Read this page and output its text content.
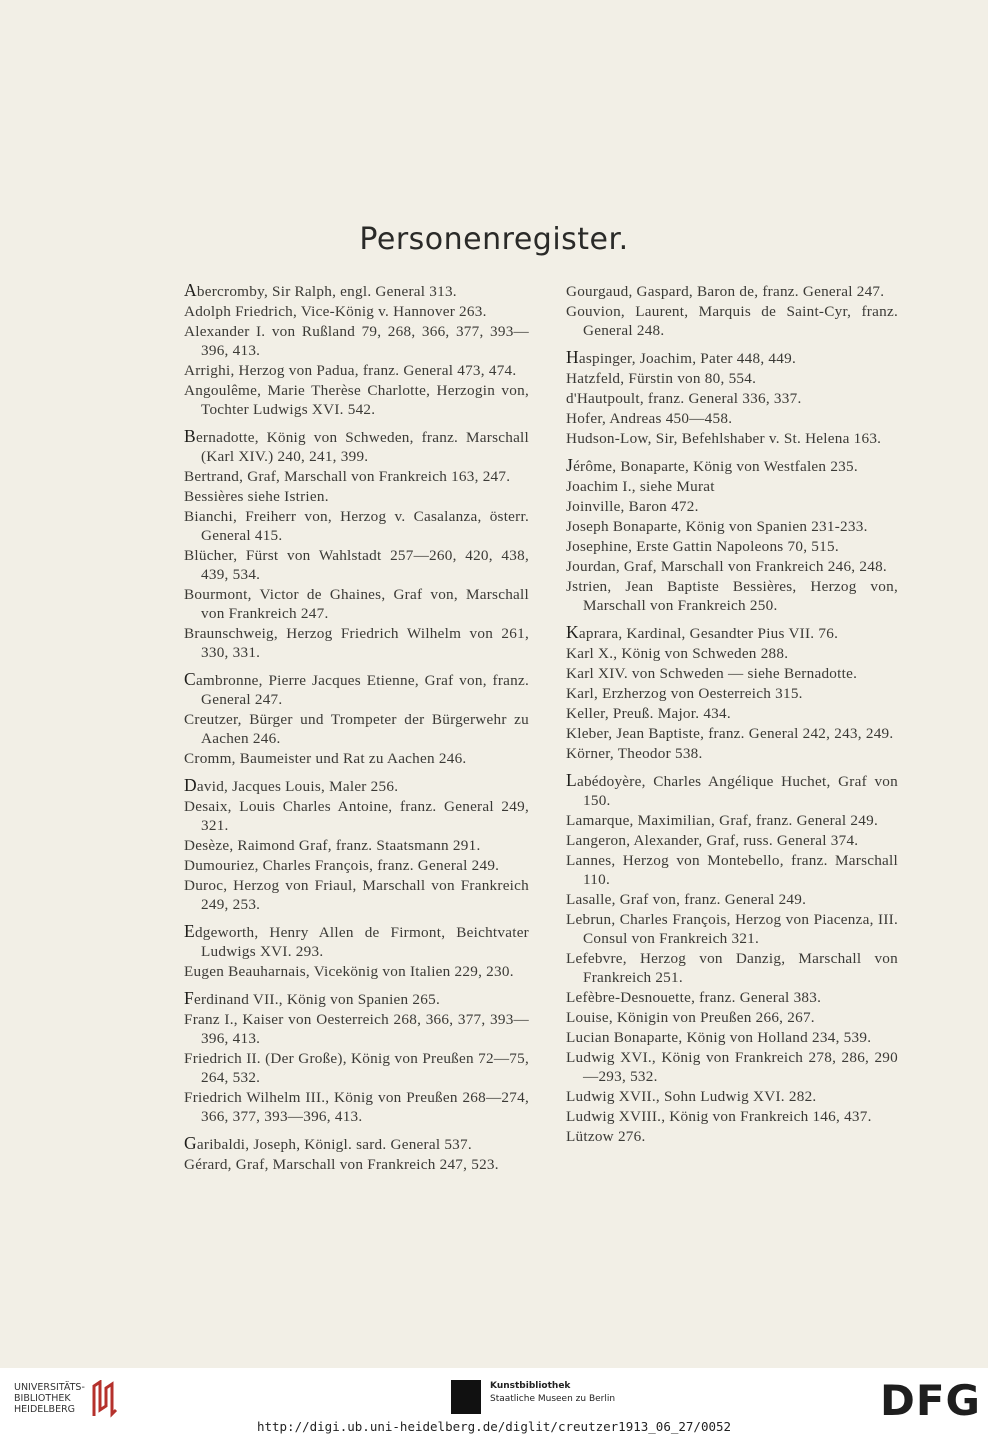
Personenregister.
Abercromby, Sir Ralph, engl. General 313.
Adolph Friedrich, Vice-König v. Hannover 263.
Alexander I. von Rußland 79, 268, 366, 377, 393—396, 413.
Arrighi, Herzog von Padua, franz. General 473, 474.
Angoulême, Marie Therèse Charlotte, Herzogin von, Tochter Ludwigs XVI. 542.
Bernadotte, König von Schweden, franz. Marschall (Karl XIV.) 240, 241, 399.
Bertrand, Graf, Marschall von Frankreich 163, 247.
Bessières siehe Istrien.
Bianchi, Freiherr von, Herzog v. Casalanza, österr. General 415.
Blücher, Fürst von Wahlstadt 257—260, 420, 438, 439, 534.
Bourmont, Victor de Ghaines, Graf von, Marschall von Frankreich 247.
Braunschweig, Herzog Friedrich Wilhelm von 261, 330, 331.
Cambronne, Pierre Jacques Etienne, Graf von, franz. General 247.
Creutzer, Bürger und Trompeter der Bürgerwehr zu Aachen 246.
Cromm, Baumeister und Rat zu Aachen 246.
David, Jacques Louis, Maler 256.
Desaix, Louis Charles Antoine, franz. General 249, 321.
Desèze, Raimond Graf, franz. Staatsmann 291.
Dumouriez, Charles François, franz. General 249.
Duroc, Herzog von Friaul, Marschall von Frankreich 249, 253.
Edgeworth, Henry Allen de Firmont, Beichtvater Ludwigs XVI. 293.
Eugen Beauharnais, Vicekönig von Italien 229, 230.
Ferdinand VII., König von Spanien 265.
Franz I., Kaiser von Oesterreich 268, 366, 377, 393—396, 413.
Friedrich II. (Der Große), König von Preußen 72—75, 264, 532.
Friedrich Wilhelm III., König von Preußen 268—274, 366, 377, 393—396, 413.
Garibaldi, Joseph, Königl. sard. General 537.
Gérard, Graf, Marschall von Frankreich 247, 523.
Gourgaud, Gaspard, Baron de, franz. General 247.
Gouvion, Laurent, Marquis de Saint-Cyr, franz. General 248.
Haspinger, Joachim, Pater 448, 449.
Hatzfeld, Fürstin von 80, 554.
d'Hautpoult, franz. General 336, 337.
Hofer, Andreas 450—458.
Hudson-Low, Sir, Befehlshaber v. St. Helena 163.
Jérôme, Bonaparte, König von Westfalen 235.
Joachim I., siehe Murat
Joinville, Baron 472.
Joseph Bonaparte, König von Spanien 231-233.
Josephine, Erste Gattin Napoleons 70, 515.
Jourdan, Graf, Marschall von Frankreich 246, 248.
Jstrien, Jean Baptiste Bessières, Herzog von, Marschall von Frankreich 250.
Kaprara, Kardinal, Gesandter Pius VII. 76.
Karl X., König von Schweden 288.
Karl XIV. von Schweden — siehe Bernadotte.
Karl, Erzherzog von Oesterreich 315.
Keller, Preuß. Major. 434.
Kleber, Jean Baptiste, franz. General 242, 243, 249.
Körner, Theodor 538.
Labédoyère, Charles Angélique Huchet, Graf von 150.
Lamarque, Maximilian, Graf, franz. General 249.
Langeron, Alexander, Graf, russ. General 374.
Lannes, Herzog von Montebello, franz. Marschall 110.
Lasalle, Graf von, franz. General 249.
Lebrun, Charles François, Herzog von Piacenza, III. Consul von Frankreich 321.
Lefebvre, Herzog von Danzig, Marschall von Frankreich 251.
Lefèbre-Desnouette, franz. General 383.
Louise, Königin von Preußen 266, 267.
Lucian Bonaparte, König von Holland 234, 539.
Ludwig XVI., König von Frankreich 278, 286, 290—293, 532.
Ludwig XVII., Sohn Ludwig XVI. 282.
Ludwig XVIII., König von Frankreich 146, 437.
Lützow 276.
UNIVERSITÄTS-
BIBLIOTHEK
HEIDELBERG
Kunstbibliothek
Staatliche Museen zu Berlin	DFG
http://digi.ub.uni-heidelberg.de/diglit/creutzer1913_06_27/0052
